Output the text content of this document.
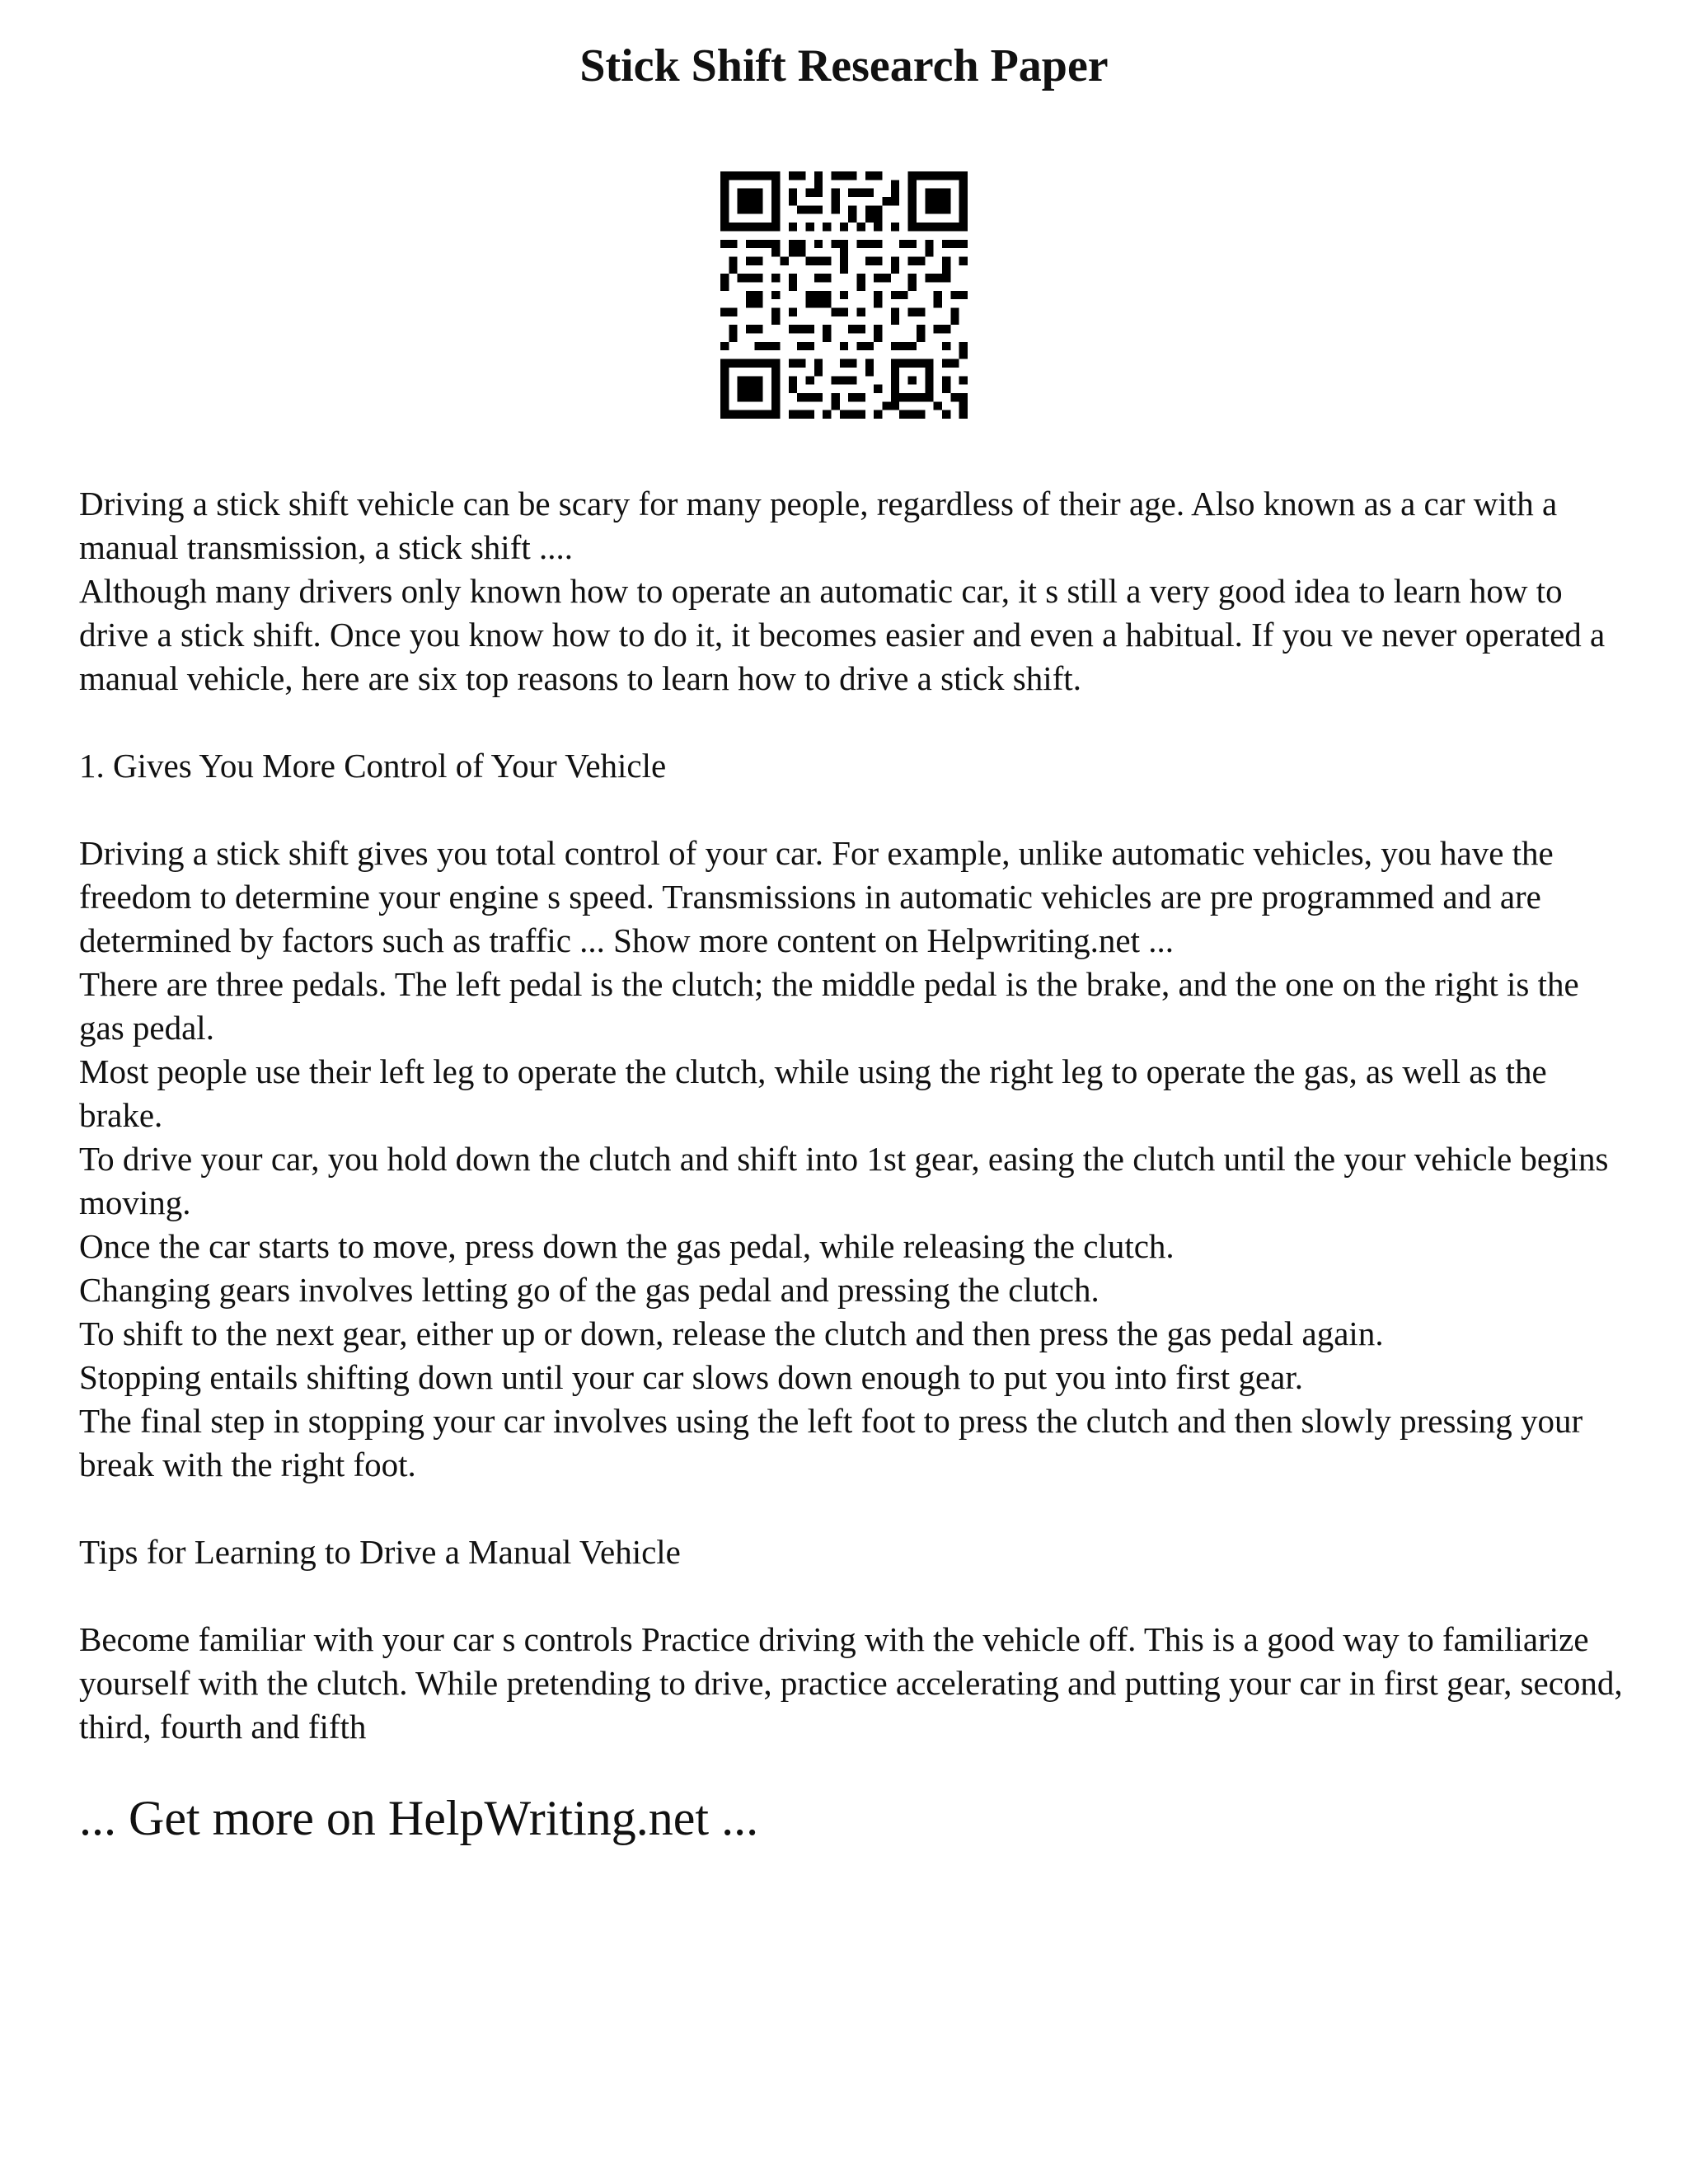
Stick Shift Research Paper

Driving a stick shift vehicle can be scary for many people, regardless of their age. Also known as a car with a manual transmission, a stick shift ....

Although many drivers only known how to operate an automatic car, it s still a very good idea to learn how to drive a stick shift. Once you know how to do it, it becomes easier and even a habitual. If you ve never operated a manual vehicle, here are six top reasons to learn how to drive a stick shift.

1. Gives You More Control of Your Vehicle

Driving a stick shift gives you total control of your car. For example, unlike automatic vehicles, you have the freedom to determine your engine s speed. Transmissions in automatic vehicles are pre programmed and are determined by factors such as traffic ... Show more content on Helpwriting.net ...

There are three pedals. The left pedal is the clutch; the middle pedal is the brake, and the one on the right is the gas pedal.

Most people use their left leg to operate the clutch, while using the right leg to operate the gas, as well as the brake.

To drive your car, you hold down the clutch and shift into 1st gear, easing the clutch until the your vehicle begins moving.

Once the car starts to move, press down the gas pedal, while releasing the clutch.

Changing gears involves letting go of the gas pedal and pressing the clutch.

To shift to the next gear, either up or down, release the clutch and then press the gas pedal again.

Stopping entails shifting down until your car slows down enough to put you into first gear.

The final step in stopping your car involves using the left foot to press the clutch and then slowly pressing your break with the right foot.

Tips for Learning to Drive a Manual Vehicle

Become familiar with your car s controls Practice driving with the vehicle off. This is a good way to familiarize yourself with the clutch. While pretending to drive, practice accelerating and putting your car in first gear, second, third, fourth and fifth

... Get more on HelpWriting.net ...
